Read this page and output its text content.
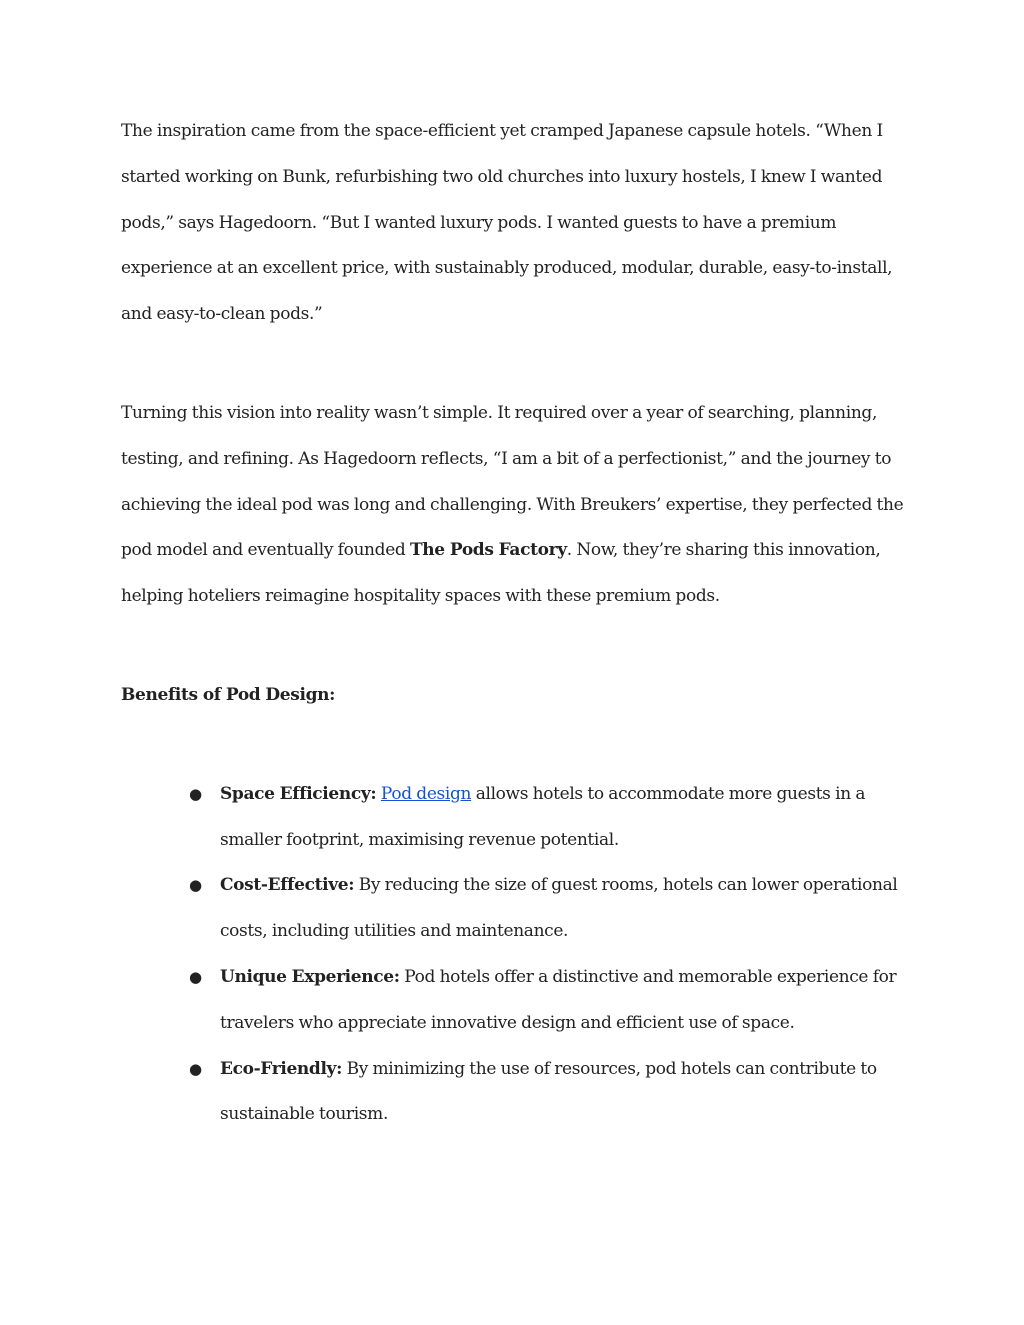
The inspiration came from the space-efficient yet cramped Japanese capsule hotels. “When I started working on Bunk, refurbishing two old churches into luxury hostels, I knew I wanted pods,” says Hagedoorn. “But I wanted luxury pods. I wanted guests to have a premium experience at an excellent price, with sustainably produced, modular, durable, easy-to-install, and easy-to-clean pods.”

Turning this vision into reality wasn’t simple. It required over a year of searching, planning, testing, and refining. As Hagedoorn reflects, “I am a bit of a perfectionist,” and the journey to achieving the ideal pod was long and challenging. With Breukers’ expertise, they perfected the pod model and eventually founded The Pods Factory. Now, they’re sharing this innovation, helping hoteliers reimagine hospitality spaces with these premium pods.

Benefits of Pod Design:

● Space Efficiency: Pod design allows hotels to accommodate more guests in a smaller footprint, maximising revenue potential.
● Cost-Effective: By reducing the size of guest rooms, hotels can lower operational costs, including utilities and maintenance.
● Unique Experience: Pod hotels offer a distinctive and memorable experience for travelers who appreciate innovative design and efficient use of space.
● Eco-Friendly: By minimizing the use of resources, pod hotels can contribute to sustainable tourism.
